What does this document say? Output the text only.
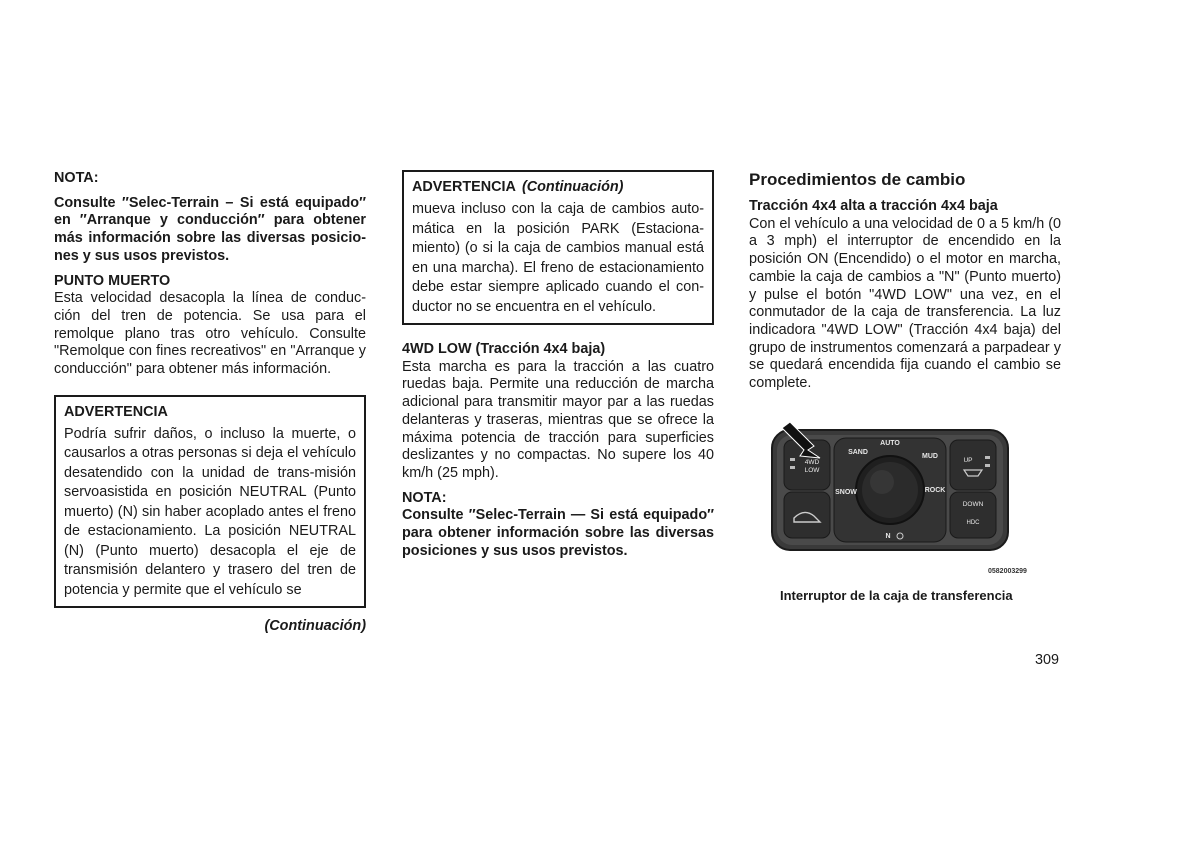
NOTA:

Consulte ″Selec-Terrain – Si está equipado″ en ″Arranque y conducción″ para obtener más información sobre las diversas posicio-nes y sus usos previstos.

PUNTO MUERTO

Esta velocidad desacopla la línea de conduc-ción del tren de potencia. Se usa para el remolque plano tras otro vehículo. Consulte "Remolque con fines recreativos" en "Arranque y conducción" para obtener más información.

ADVERTENCIA

Podría sufrir daños, o incluso la muerte, o causarlos a otras personas si deja el vehículo desatendido con la unidad de trans-misión servoasistida en posición NEUTRAL (Punto muerto) (N) sin haber acoplado antes el freno de estacionamiento. La posición NEUTRAL (N) (Punto muerto) desacopla el eje de transmisión delantero y trasero del tren de potencia y permite que el vehículo se

(Continuación)

ADVERTENCIA (Continuación)

mueva incluso con la caja de cambios auto-mática en la posición PARK (Estaciona-miento) (o si la caja de cambios manual está en una marcha). El freno de estacionamiento debe estar siempre aplicado cuando el con-ductor no se encuentra en el vehículo.

4WD LOW (Tracción 4x4 baja)

Esta marcha es para la tracción a las cuatro ruedas baja. Permite una reducción de marcha adicional para transmitir mayor par a las ruedas delanteras y traseras, mientras que se ofrece la máxima potencia de tracción para superficies deslizantes y no compactas. No supere los 40 km/h (25 mph).

NOTA:

Consulte ″Selec-Terrain — Si está equipado″ para obtener información sobre las diversas posiciones y sus usos previstos.

Procedimientos de cambio

Tracción 4x4 alta a tracción 4x4 baja

Con el vehículo a una velocidad de 0 a 5 km/h (0 a 3 mph) el interruptor de encendido en la posición ON (Encendido) o el motor en marcha, cambie la caja de cambios a "N" (Punto muerto) y pulse el botón "4WD LOW" una vez, en el conmutador de la caja de transferencia. La luz indicadora "4WD LOW" (Tracción 4x4 baja) del grupo de instrumentos comenzará a parpadear y se quedará encendida fija cuando el cambio se complete.

AUTO
SAND
MUD
SNOW	ROCK
4WD
LOW
UP
DOWN
HDC
N
0582003299
Interruptor de la caja de transferencia
309
